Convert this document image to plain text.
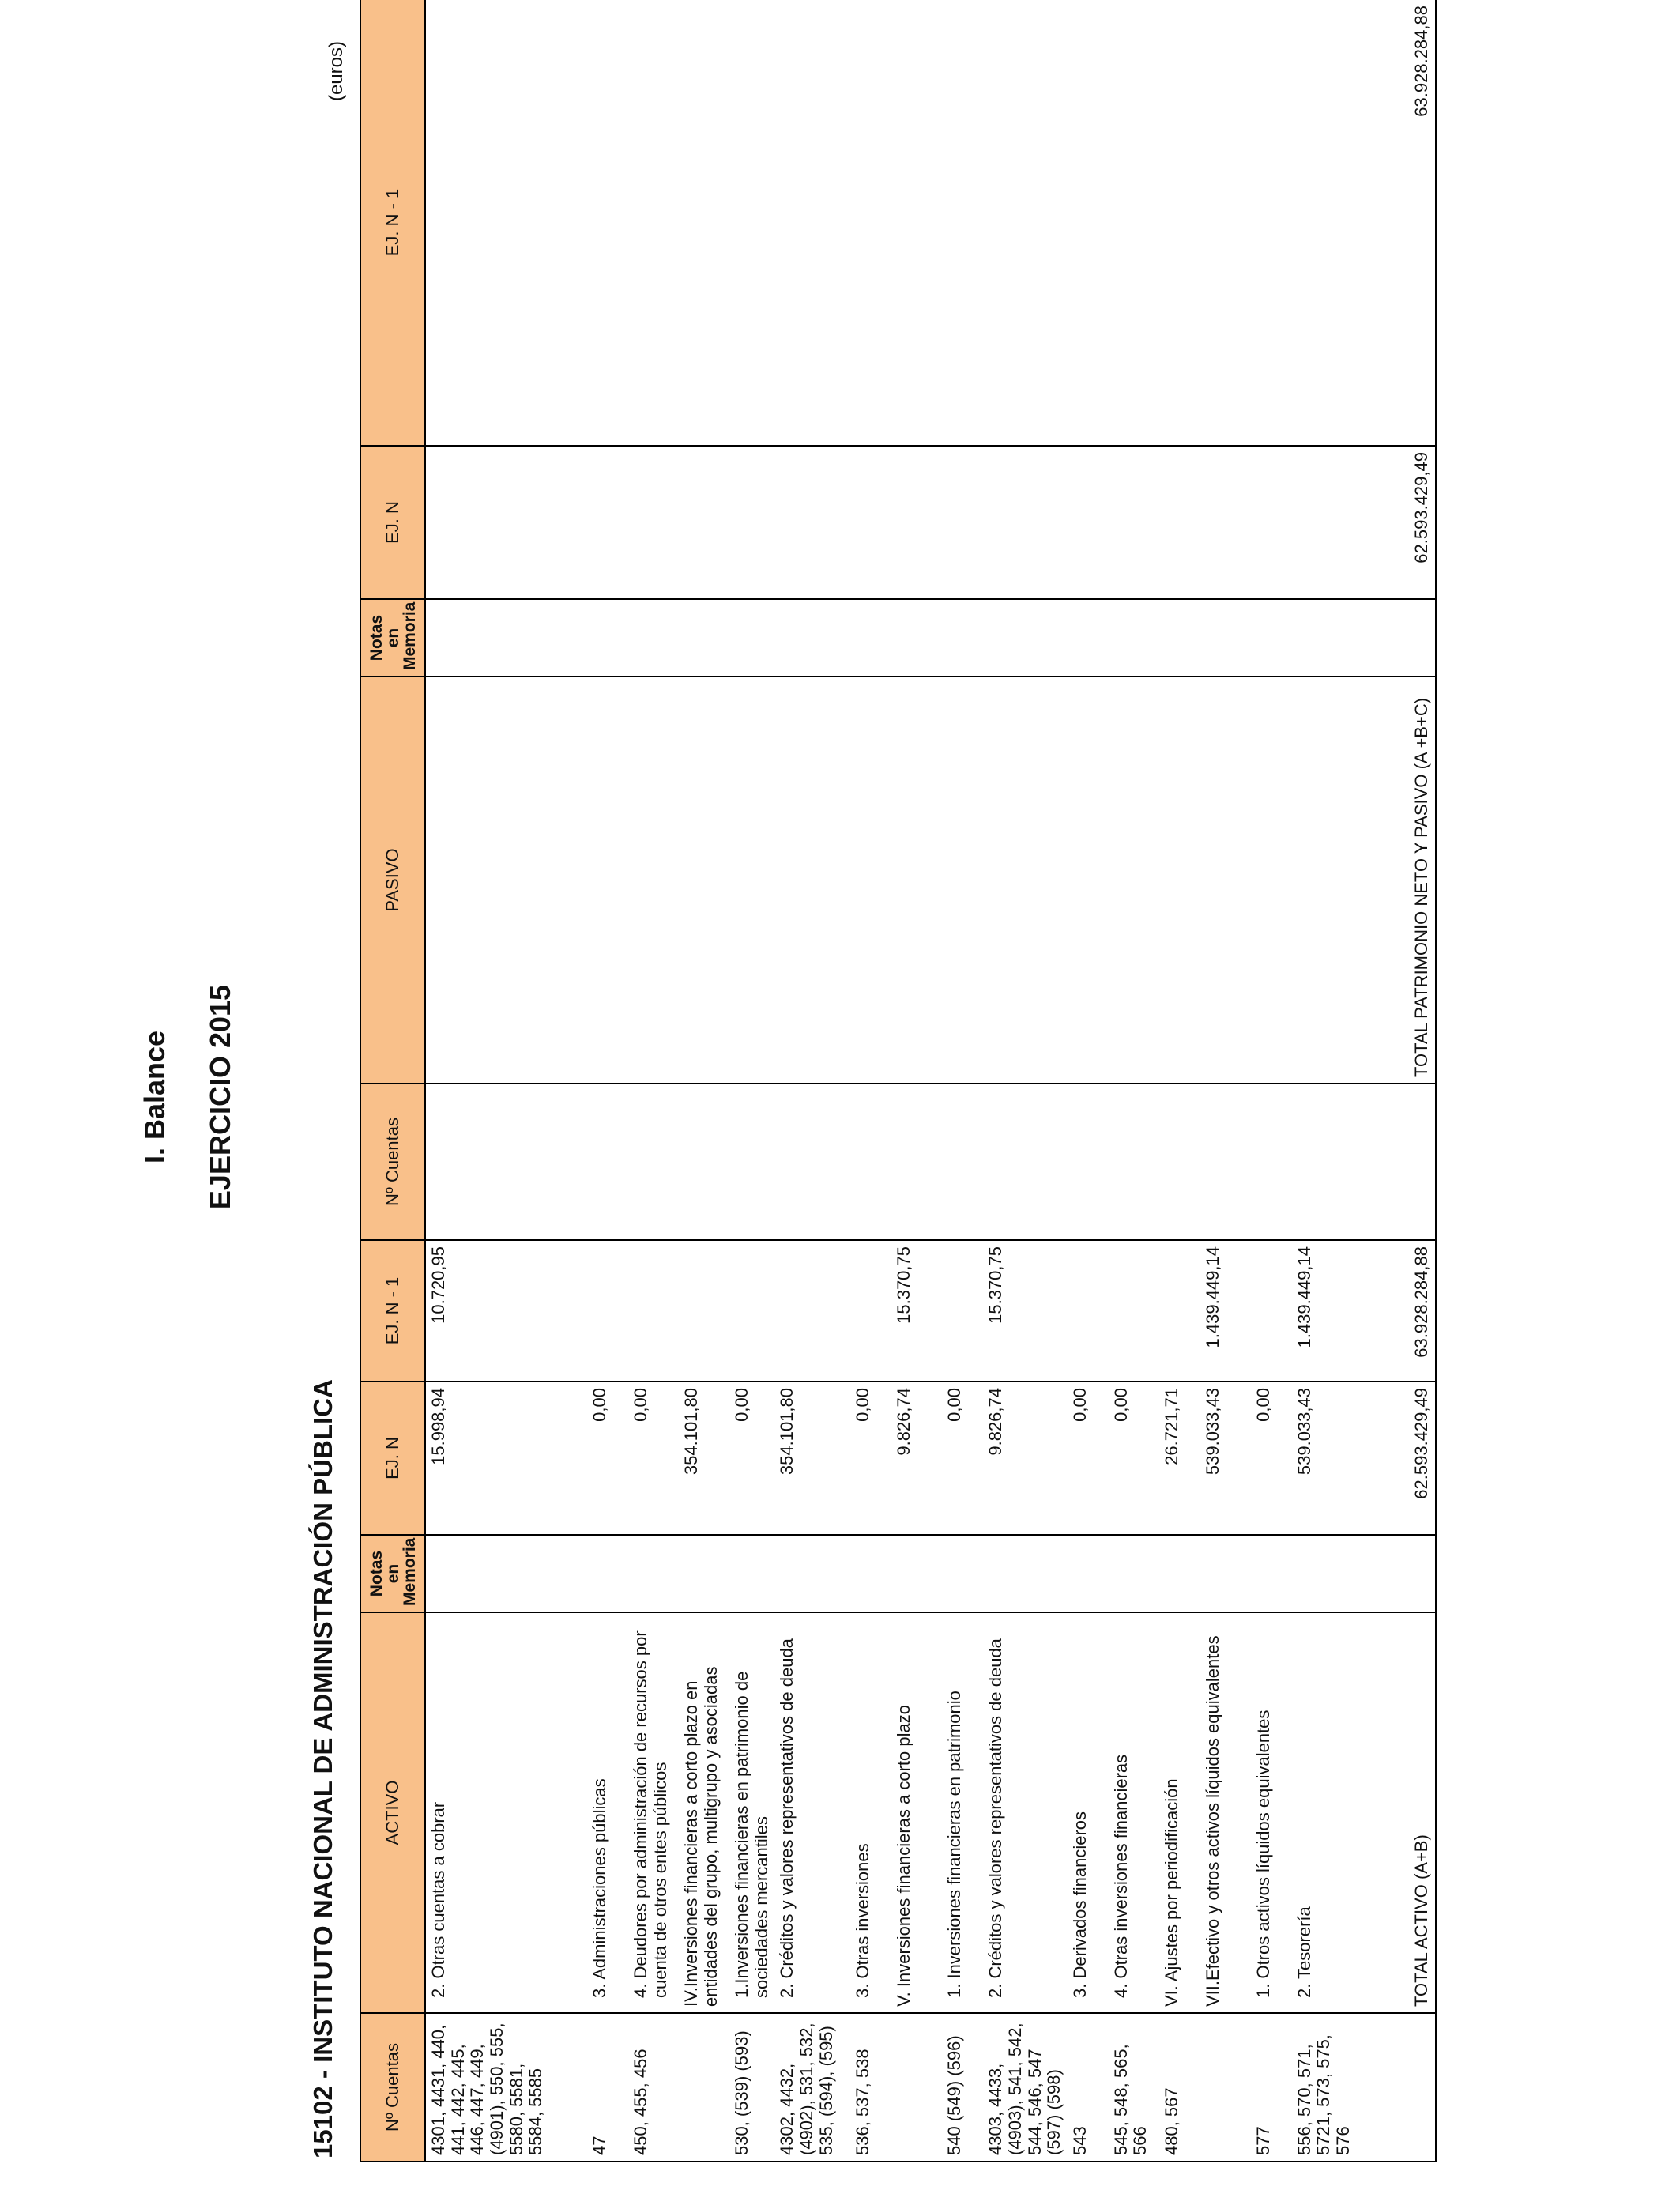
I. Balance EJERCICIO 2015
15102 - INSTITUTO NACIONAL DE ADMINISTRACIÓN PÚBLICA
(euros)
Nº Cuentas	ACTIVO	Notas en Memoria	EJ. N	EJ. N - 1	Nº Cuentas	PASIVO	Notas en Memoria	EJ. N	EJ. N - 1
4301, 4431, 440, 441, 442, 445, 446, 447, 449, (4901), 550, 555, 5580, 5581, 5584, 5585	2. Otras cuentas a cobrar		15.998,94	10.720,95					
47	3. Administraciones públicas		0,00						
450, 455, 456	4. Deudores por administración de recursos por cuenta de otros entes públicos		0,00						
	IV.Inversiones financieras a corto plazo en entidades del grupo, multigrupo y asociadas		354.101,80						
530, (539) (593)	1.Inversiones financieras en patrimonio de sociedades mercantiles		0,00						
4302, 4432, (4902), 531, 532, 535, (594), (595)	2. Créditos y valores representativos de deuda		354.101,80						
536, 537, 538	3. Otras inversiones		0,00						
	V. Inversiones financieras a corto plazo		9.826,74	15.370,75					
540 (549) (596)	1. Inversiones financieras en patrimonio		0,00						
4303, 4433, (4903), 541, 542, 544, 546, 547 (597) (598)	2. Créditos y valores representativos de deuda		9.826,74	15.370,75					
543	3. Derivados financieros		0,00						
545, 548, 565, 566	4. Otras inversiones financieras		0,00						
480, 567	VI. Ajustes por periodificación		26.721,71						
	VII.Efectivo y otros activos líquidos equivalentes		539.033,43	1.439.449,14					
577	1. Otros activos líquidos equivalentes		0,00						
556, 570, 571, 5721, 573, 575, 576	2. Tesorería		539.033,43	1.439.449,14					
	TOTAL ACTIVO (A+B)		62.593.429,49	63.928.284,88		TOTAL PATRIMONIO NETO Y PASIVO (A +B+C)		62.593.429,49	63.928.284,88
